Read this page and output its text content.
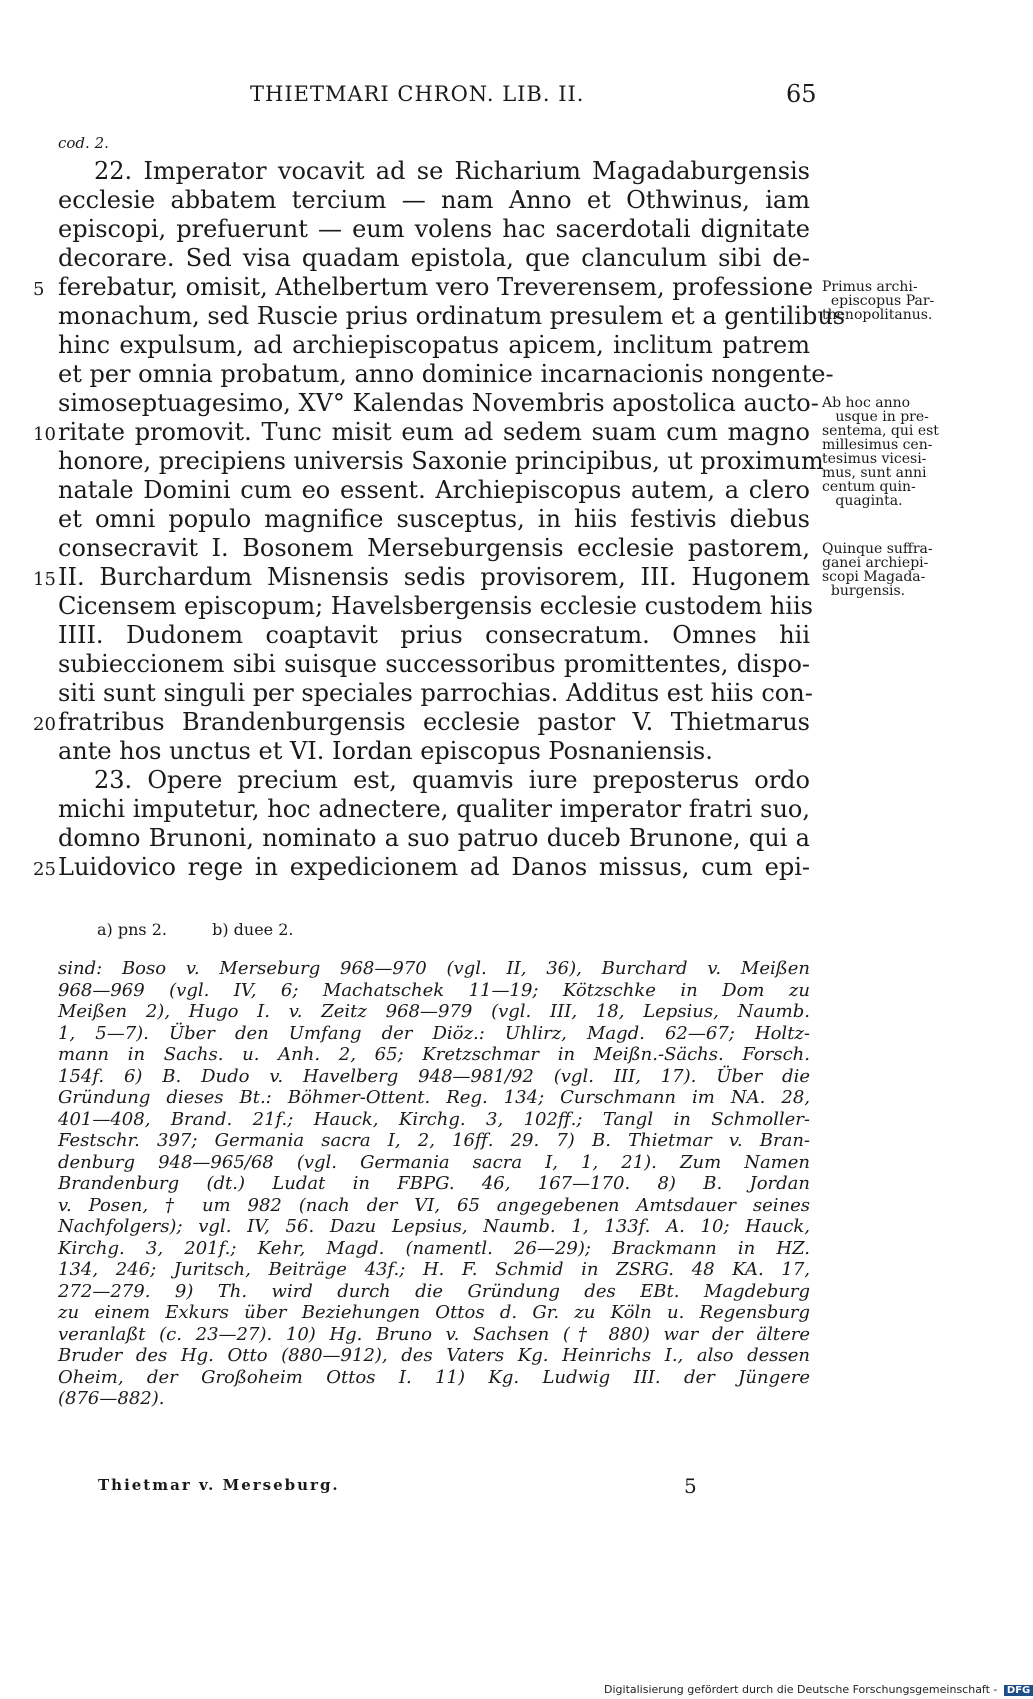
THIETMARI CHRON. LIB. II.	65
cod. 2.
22. Imperator vocavit ad se Richarium Magadaburgensis
ecclesie abbatem tercium — nam Anno et Othwinus, iam
episcopi, prefuerunt — eum volens hac sacerdotali dignitate
decorare. Sed visa quadam epistola, que clanculum sibi de-
ferebatur, omisit, Athelbertum vero Treverensem, professione
monachum, sed Ruscie prius ordinatum presulem et a gentilibus
hinc expulsum, ad archiepiscopatus apicem, inclitum patrem
et per omnia probatum, anno dominice incarnacionis nongente-
simoseptuagesimo, XV° Kalendas Novembris apostolica aucto-
ritate promovit. Tunc misit eum ad sedem suam cum magno
honore, precipiens universis Saxonie principibus, ut proximum
natale Domini cum eo essent. Archiepiscopus autem, a clero
et omni populo magnifice susceptus, in hiis festivis diebus
consecravit I. Bosonem Merseburgensis ecclesie pastorem,
II. Burchardum Misnensis sedis provisorem, III. Hugonem
Cicensem episcopum; Havelsbergensis ecclesie custodem hiis
IIII. Dudonem coaptavit prius consecratum. Omnes hii
subieccionem sibi suisque successoribus promittentes, dispo-
siti sunt singuli per speciales parrochias. Additus est hiis con-
fratribus Brandenburgensis ecclesie pastor V. Thietmarus
ante hos unctus et VI. Iordan episcopus Posnaniensis.
23. Opere precium est, quamvis iure preposterus ordo
michi imputetur, hoc adnectere, qualiter imperator fratri suo,
domno Brunoni, nominato a suo patruo duceb Brunone, qui a
Luidovico rege in expedicionem ad Danos missus, cum epi-
5
10
15
20
25
Primus archi-
episcopus Par-
thenopolitanus.
Ab hoc anno
usque in pre-
sentema, qui est
millesimus cen-
tesimus vicesi-
mus, sunt anni
centum quin-
quaginta.
Quinque suffra-
ganei archiepi-
scopi Magada-
burgensis.
a) pns 2.	b) duee 2.
sind: Boso v. Merseburg 968—970 (vgl. II, 36), Burchard v. Meißen
968—969 (vgl. IV, 6; Machatschek 11—19; Kötzschke in Dom zu
Meißen 2), Hugo I. v. Zeitz 968—979 (vgl. III, 18, Lepsius, Naumb.
1, 5—7). Über den Umfang der Diöz.: Uhlirz, Magd. 62—67; Holtz-
mann in Sachs. u. Anh. 2, 65; Kretzschmar in Meißn.-Sächs. Forsch.
154f. 6) B. Dudo v. Havelberg 948—981/92 (vgl. III, 17). Über die
Gründung dieses Bt.: Böhmer-Ottent. Reg. 134; Curschmann im NA. 28,
401—408, Brand. 21f.; Hauck, Kirchg. 3, 102ff.; Tangl in Schmoller-
Festschr. 397; Germania sacra I, 2, 16ff. 29. 7) B. Thietmar v. Bran-
denburg 948—965/68 (vgl. Germania sacra I, 1, 21). Zum Namen
Brandenburg (dt.) Ludat in FBPG. 46, 167—170. 8) B. Jordan
v. Posen, † um 982 (nach der VI, 65 angegebenen Amtsdauer seines
Nachfolgers); vgl. IV, 56. Dazu Lepsius, Naumb. 1, 133f. A. 10; Hauck,
Kirchg. 3, 201f.; Kehr, Magd. (namentl. 26—29); Brackmann in HZ.
134, 246; Juritsch, Beiträge 43f.; H. F. Schmid in ZSRG. 48 KA. 17,
272—279. 9) Th. wird durch die Gründung des EBt. Magdeburg
zu einem Exkurs über Beziehungen Ottos d. Gr. zu Köln u. Regensburg
veranlaßt (c. 23—27). 10) Hg. Bruno v. Sachsen († 880) war der ältere
Bruder des Hg. Otto (880—912), des Vaters Kg. Heinrichs I., also dessen
Oheim, der Großoheim Ottos I. 11) Kg. Ludwig III. der Jüngere
(876—882).
Thietmar v. Merseburg.	5
Digitalisierung gefördert durch die Deutsche Forschungsgemeinschaft - DFG
